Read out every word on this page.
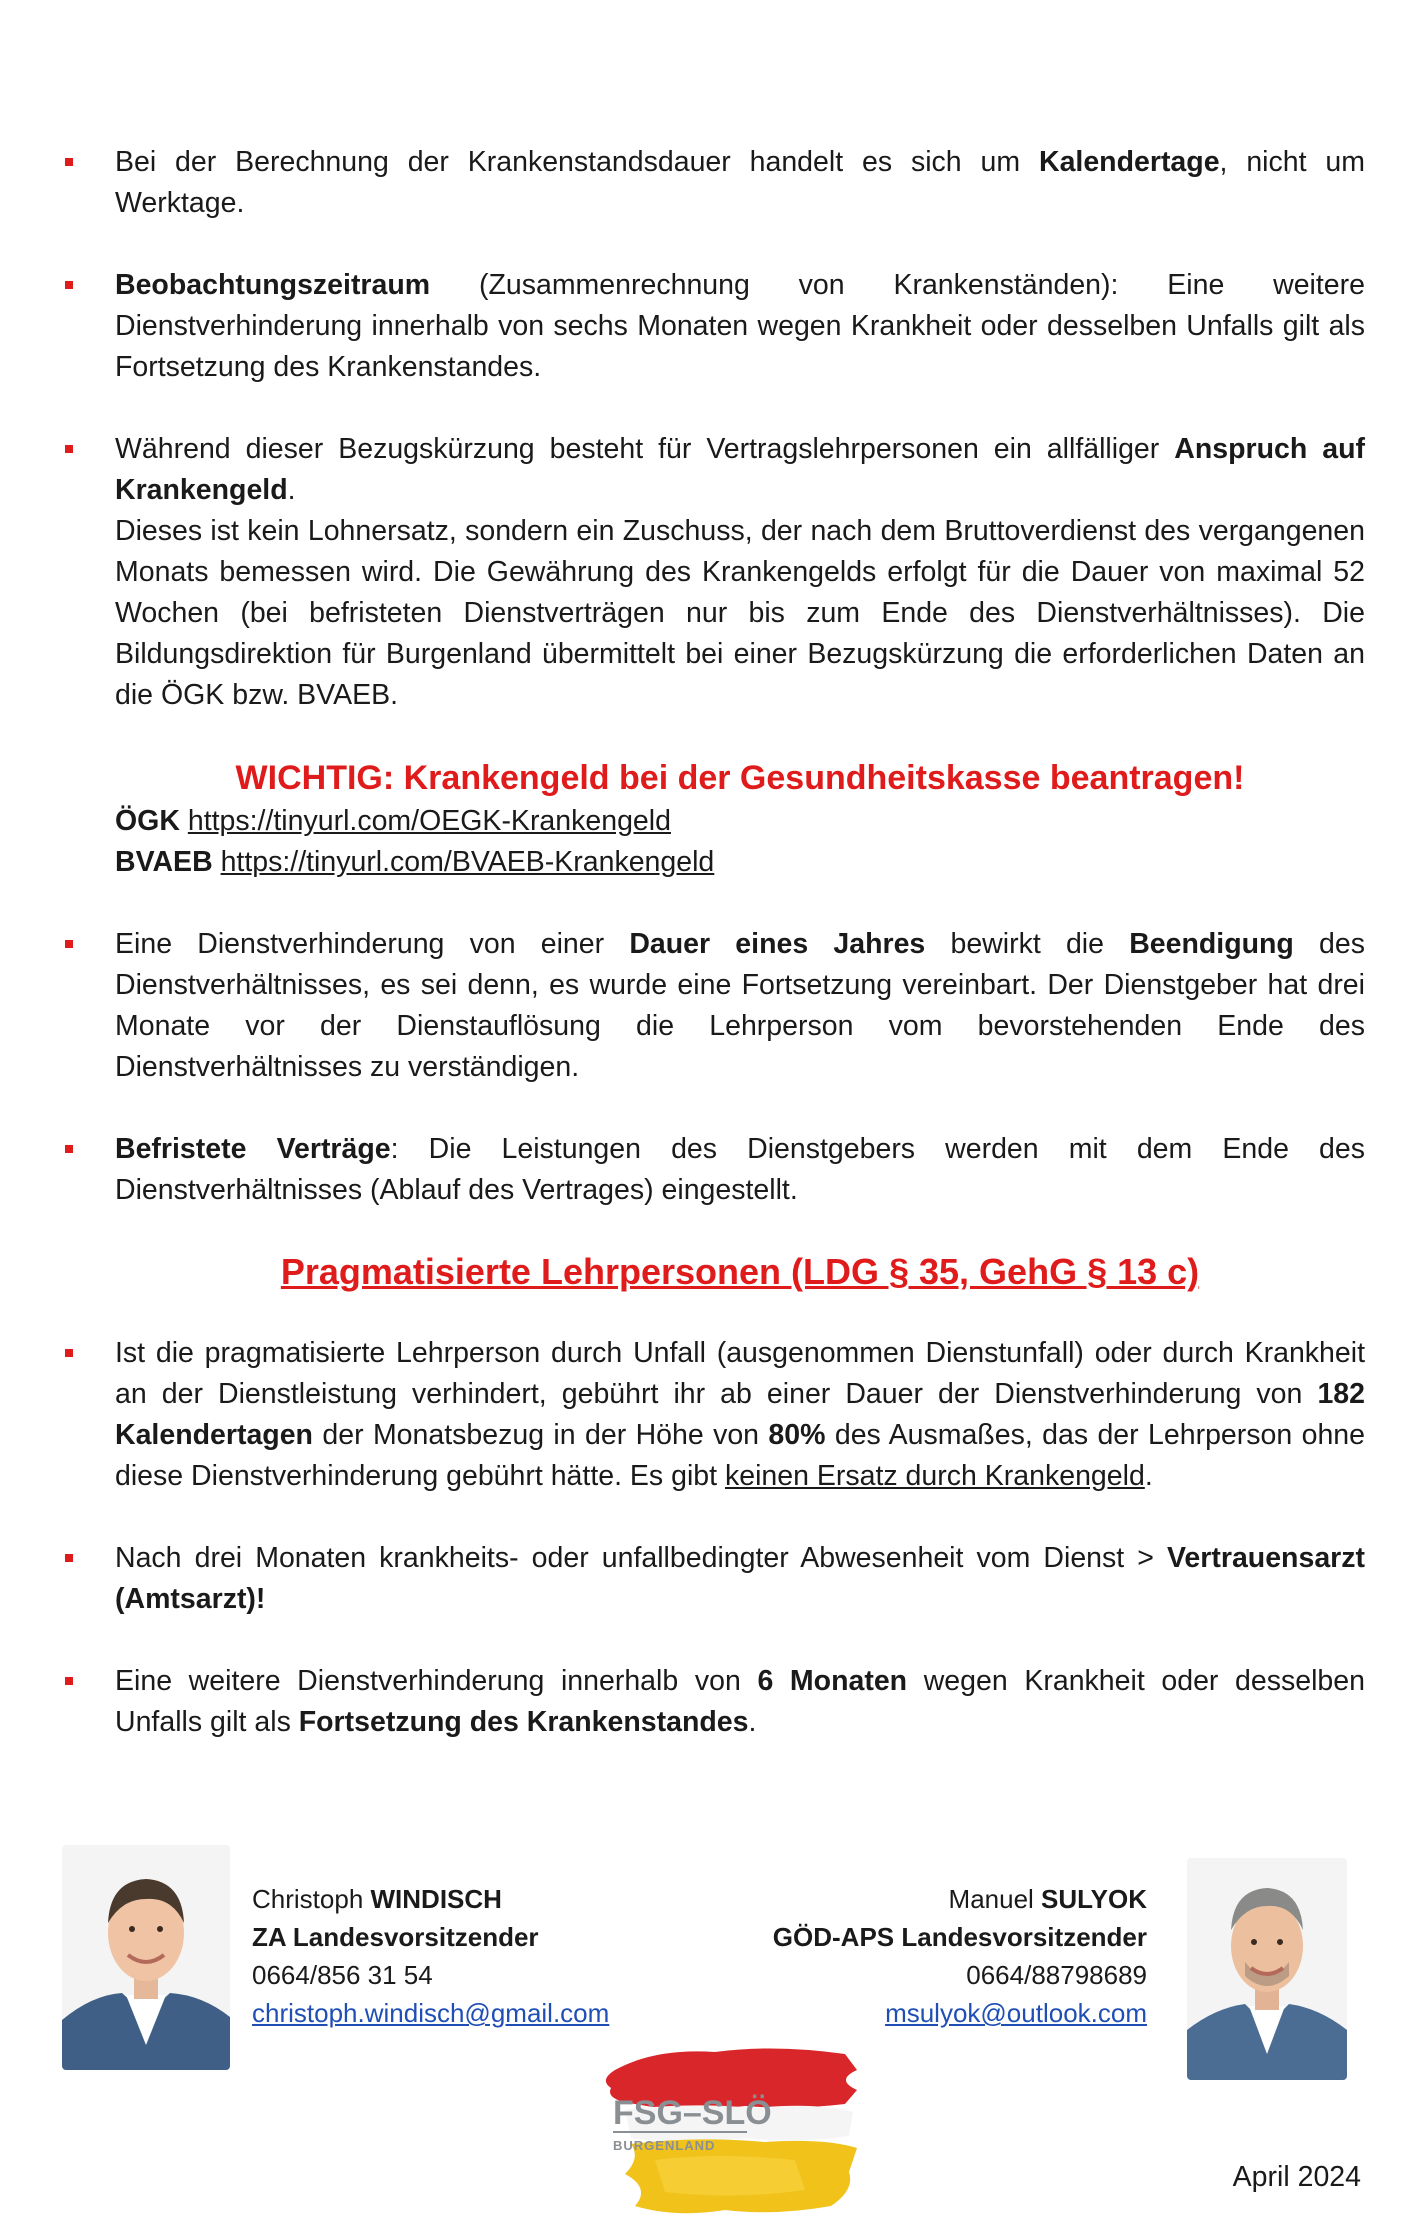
Bei der Berechnung der Krankenstandsdauer handelt es sich um Kalendertage, nicht um Werktage.

Beobachtungszeitraum (Zusammenrechnung von Krankenständen): Eine weitere Dienstverhinderung innerhalb von sechs Monaten wegen Krankheit oder desselben Unfalls gilt als Fortsetzung des Krankenstandes.

Während dieser Bezugskürzung besteht für Vertragslehrpersonen ein allfälliger Anspruch auf Krankengeld.

Dieses ist kein Lohnersatz, sondern ein Zuschuss, der nach dem Bruttoverdienst des vergangenen Monats bemessen wird. Die Gewährung des Krankengelds erfolgt für die Dauer von maximal 52 Wochen (bei befristeten Dienstverträgen nur bis zum Ende des Dienstverhältnisses). Die Bildungsdirektion für Burgenland übermittelt bei einer Bezugskürzung die erforderlichen Daten an die ÖGK bzw. BVAEB.

WICHTIG: Krankengeld bei der Gesundheitskasse beantragen!
ÖGK https://tinyurl.com/OEGK-Krankengeld
BVAEB https://tinyurl.com/BVAEB-Krankengeld

Eine Dienstverhinderung von einer Dauer eines Jahres bewirkt die Beendigung des Dienstverhältnisses, es sei denn, es wurde eine Fortsetzung vereinbart. Der Dienstgeber hat drei Monate vor der Dienstauflösung die Lehrperson vom bevorstehenden Ende des Dienstverhältnisses zu verständigen.

Befristete Verträge: Die Leistungen des Dienstgebers werden mit dem Ende des Dienstverhältnisses (Ablauf des Vertrages) eingestellt.

Pragmatisierte Lehrpersonen (LDG § 35, GehG § 13 c)

Ist die pragmatisierte Lehrperson durch Unfall (ausgenommen Dienstunfall) oder durch Krankheit an der Dienstleistung verhindert, gebührt ihr ab einer Dauer der Dienstverhinderung von 182 Kalendertagen der Monatsbezug in der Höhe von 80% des Ausmaßes, das der Lehrperson ohne diese Dienstverhinderung gebührt hätte. Es gibt keinen Ersatz durch Krankengeld.

Nach drei Monaten krankheits- oder unfallbedingter Abwesenheit vom Dienst > Vertrauensarzt (Amtsarzt)!

Eine weitere Dienstverhinderung innerhalb von 6 Monaten wegen Krankheit oder desselben Unfalls gilt als Fortsetzung des Krankenstandes.

Christoph WINDISCH
ZA Landesvorsitzender
0664/856 31 54
christoph.windisch@gmail.com
Manuel SULYOK
GÖD-APS Landesvorsitzender
0664/88798689
msulyok@outlook.com
FSG–SLÖ
BURGENLAND
April 2024
